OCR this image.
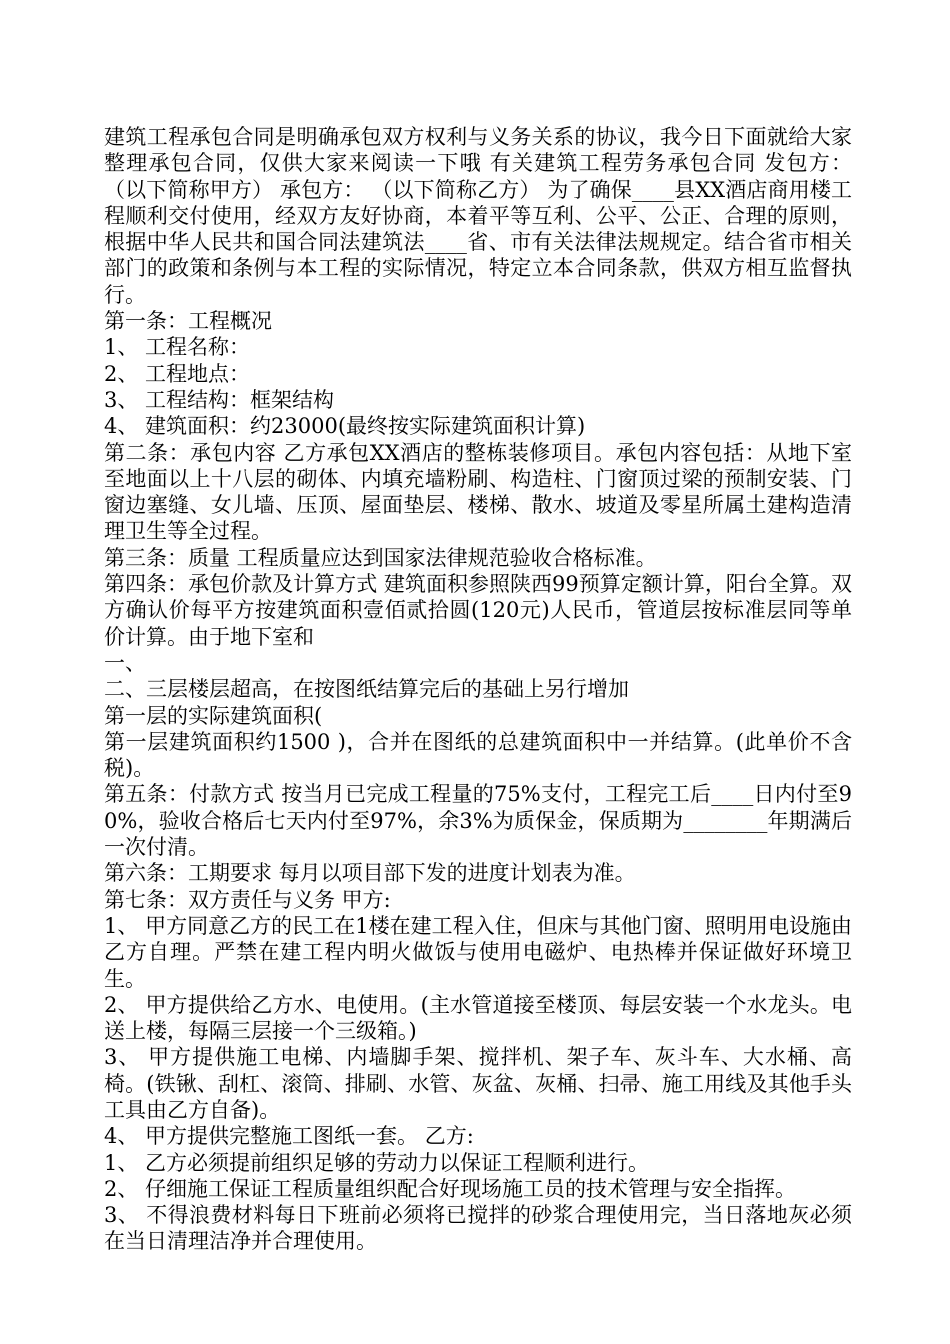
建筑工程承包合同是明确承包双方权利与义务关系的协议，我今日下面就给大家整理承包合同，仅供大家来阅读一下哦 有关建筑工程劳务承包合同 发包方： （以下简称甲方） 承包方： （以下简称乙方） 为了确保____县XX酒店商用楼工程顺利交付使用，经双方友好协商，本着平等互利、公平、公正、合理的原则，根据中华人民共和国合同法建筑法____省、市有关法律法规规定。结合省市相关部门的政策和条例与本工程的实际情况，特定立本合同条款，供双方相互监督执行。

第一条：工程概况

1、 工程名称：

2、 工程地点：

3、 工程结构：框架结构

4、 建筑面积：约23000(最终按实际建筑面积计算)

第二条：承包内容 乙方承包XX酒店的整栋装修项目。承包内容包括：从地下室至地面以上十八层的砌体、内填充墙粉刷、构造柱、门窗顶过梁的预制安装、门窗边塞缝、女儿墙、压顶、屋面垫层、楼梯、散水、坡道及零星所属土建构造清理卫生等全过程。

第三条：质量 工程质量应达到国家法律规范验收合格标准。

第四条：承包价款及计算方式 建筑面积参照陕西99预算定额计算，阳台全算。双方确认价每平方按建筑面积壹佰贰拾圆(120元)人民币，管道层按标准层同等单价计算。由于地下室和

一、

二、三层楼层超高，在按图纸结算完后的基础上另行增加

第一层的实际建筑面积(

第一层建筑面积约1500 )，合并在图纸的总建筑面积中一并结算。(此单价不含税)。

第五条：付款方式 按当月已完成工程量的75%支付，工程完工后____日内付至90%，验收合格后七天内付至97%，余3%为质保金，保质期为________年期满后一次付清。

第六条：工期要求 每月以项目部下发的进度计划表为准。

第七条：双方责任与义务 甲方:

1、 甲方同意乙方的民工在1楼在建工程入住，但床与其他门窗、照明用电设施由乙方自理。严禁在建工程内明火做饭与使用电磁炉、电热棒并保证做好环境卫生。

2、 甲方提供给乙方水、电使用。(主水管道接至楼顶、每层安装一个水龙头。电送上楼，每隔三层接一个三级箱。)

3、 甲方提供施工电梯、内墙脚手架、搅拌机、架子车、灰斗车、大水桶、高椅。(铁锹、刮杠、滚筒、排刷、水管、灰盆、灰桶、扫帚、施工用线及其他手头工具由乙方自备)。

4、 甲方提供完整施工图纸一套。 乙方:

1、 乙方必须提前组织足够的劳动力以保证工程顺利进行。

2、 仔细施工保证工程质量组织配合好现场施工员的技术管理与安全指挥。

3、 不得浪费材料每日下班前必须将已搅拌的砂浆合理使用完，当日落地灰必须在当日清理洁净并合理使用。
